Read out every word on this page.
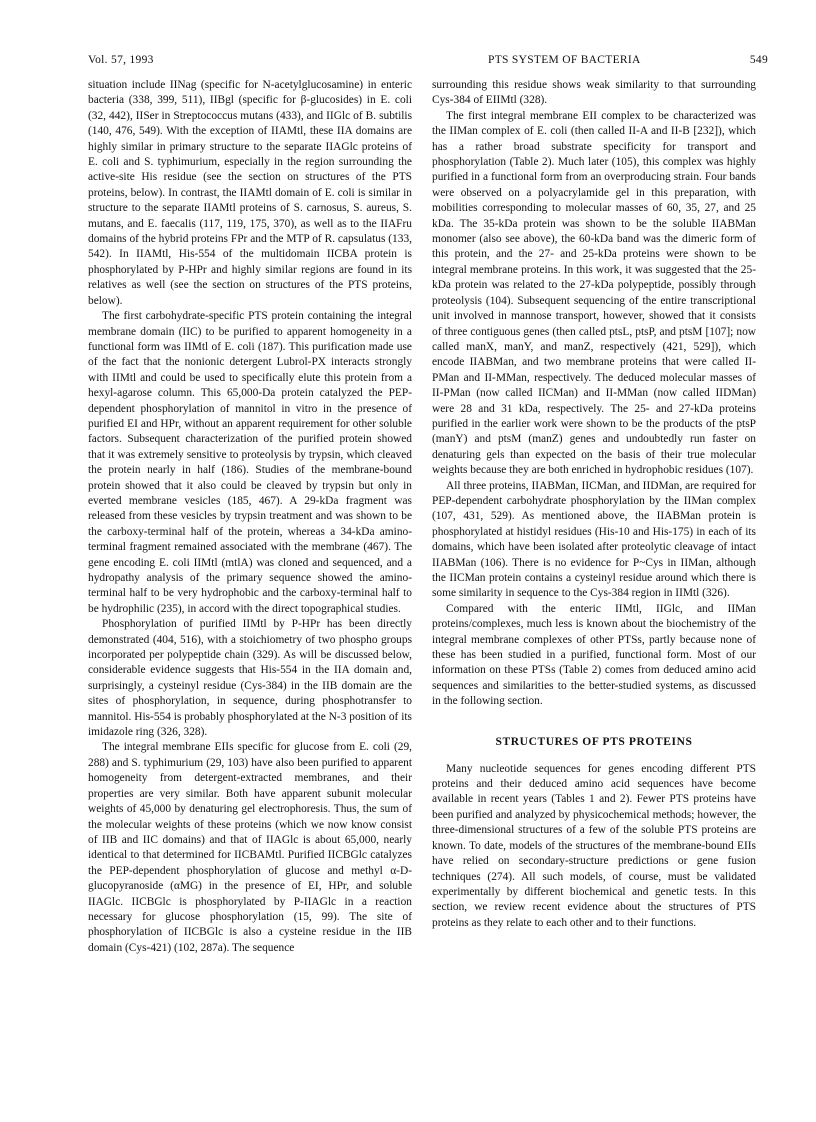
Vol. 57, 1993	PTS SYSTEM OF BACTERIA	549

situation include IINag (specific for N-acetylglucosamine) in enteric bacteria (338, 399, 511), IIBgl (specific for β-glucosides) in E. coli (32, 442), IISer in Streptococcus mutans (433), and IIGlc of B. subtilis (140, 476, 549). With the exception of IIAMtl, these IIA domains are highly similar in primary structure to the separate IIAGlc proteins of E. coli and S. typhimurium, especially in the region surrounding the active-site His residue (see the section on structures of the PTS proteins, below). In contrast, the IIAMtl domain of E. coli is similar in structure to the separate IIAMtl proteins of S. carnosus, S. aureus, S. mutans, and E. faecalis (117, 119, 175, 370), as well as to the IIAFru domains of the hybrid proteins FPr and the MTP of R. capsulatus (133, 542). In IIAMtl, His-554 of the multidomain IICBA protein is phosphorylated by P-HPr and highly similar regions are found in its relatives as well (see the section on structures of the PTS proteins, below).

The first carbohydrate-specific PTS protein containing the integral membrane domain (IIC) to be purified to apparent homogeneity in a functional form was IIMtl of E. coli (187). This purification made use of the fact that the nonionic detergent Lubrol-PX interacts strongly with IIMtl and could be used to specifically elute this protein from a hexyl-agarose column. This 65,000-Da protein catalyzed the PEP-dependent phosphorylation of mannitol in vitro in the presence of purified EI and HPr, without an apparent requirement for other soluble factors. Subsequent characterization of the purified protein showed that it was extremely sensitive to proteolysis by trypsin, which cleaved the protein nearly in half (186). Studies of the membrane-bound protein showed that it also could be cleaved by trypsin but only in everted membrane vesicles (185, 467). A 29-kDa fragment was released from these vesicles by trypsin treatment and was shown to be the carboxy-terminal half of the protein, whereas a 34-kDa amino-terminal fragment remained associated with the membrane (467). The gene encoding E. coli IIMtl (mtlA) was cloned and sequenced, and a hydropathy analysis of the primary sequence showed the amino-terminal half to be very hydrophobic and the carboxy-terminal half to be hydrophilic (235), in accord with the direct topographical studies.

Phosphorylation of purified IIMtl by P-HPr has been directly demonstrated (404, 516), with a stoichiometry of two phospho groups incorporated per polypeptide chain (329). As will be discussed below, considerable evidence suggests that His-554 in the IIA domain and, surprisingly, a cysteinyl residue (Cys-384) in the IIB domain are the sites of phosphorylation, in sequence, during phosphotransfer to mannitol. His-554 is probably phosphorylated at the N-3 position of its imidazole ring (326, 328).

The integral membrane EIIs specific for glucose from E. coli (29, 288) and S. typhimurium (29, 103) have also been purified to apparent homogeneity from detergent-extracted membranes, and their properties are very similar. Both have apparent subunit molecular weights of 45,000 by denaturing gel electrophoresis. Thus, the sum of the molecular weights of these proteins (which we now know consist of IIB and IIC domains) and that of IIAGlc is about 65,000, nearly identical to that determined for IICBAMtl. Purified IICBGlc catalyzes the PEP-dependent phosphorylation of glucose and methyl α-D-glucopyranoside (αMG) in the presence of EI, HPr, and soluble IIAGlc. IICBGlc is phosphorylated by P-IIAGlc in a reaction necessary for glucose phosphorylation (15, 99). The site of phosphorylation of IICBGlc is also a cysteine residue in the IIB domain (Cys-421) (102, 287a). The sequence

surrounding this residue shows weak similarity to that surrounding Cys-384 of EIIMtl (328).

The first integral membrane EII complex to be characterized was the IIMan complex of E. coli (then called II-A and II-B [232]), which has a rather broad substrate specificity for transport and phosphorylation (Table 2). Much later (105), this complex was highly purified in a functional form from an overproducing strain. Four bands were observed on a polyacrylamide gel in this preparation, with mobilities corresponding to molecular masses of 60, 35, 27, and 25 kDa. The 35-kDa protein was shown to be the soluble IIABMan monomer (also see above), the 60-kDa band was the dimeric form of this protein, and the 27- and 25-kDa proteins were shown to be integral membrane proteins. In this work, it was suggested that the 25-kDa protein was related to the 27-kDa polypeptide, possibly through proteolysis (104). Subsequent sequencing of the entire transcriptional unit involved in mannose transport, however, showed that it consists of three contiguous genes (then called ptsL, ptsP, and ptsM [107]; now called manX, manY, and manZ, respectively (421, 529]), which encode IIABMan, and two membrane proteins that were called II-PMan and II-MMan, respectively. The deduced molecular masses of II-PMan (now called IICMan) and II-MMan (now called IIDMan) were 28 and 31 kDa, respectively. The 25- and 27-kDa proteins purified in the earlier work were shown to be the products of the ptsP (manY) and ptsM (manZ) genes and undoubtedly run faster on denaturing gels than expected on the basis of their true molecular weights because they are both enriched in hydrophobic residues (107).

All three proteins, IIABMan, IICMan, and IIDMan, are required for PEP-dependent carbohydrate phosphorylation by the IIMan complex (107, 431, 529). As mentioned above, the IIABMan protein is phosphorylated at histidyl residues (His-10 and His-175) in each of its domains, which have been isolated after proteolytic cleavage of intact IIABMan (106). There is no evidence for P~Cys in IIMan, although the IICMan protein contains a cysteinyl residue around which there is some similarity in sequence to the Cys-384 region in IIMtl (326).

Compared with the enteric IIMtl, IIGlc, and IIMan proteins/complexes, much less is known about the biochemistry of the integral membrane complexes of other PTSs, partly because none of these has been studied in a purified, functional form. Most of our information on these PTSs (Table 2) comes from deduced amino acid sequences and similarities to the better-studied systems, as discussed in the following section.

STRUCTURES OF PTS PROTEINS

Many nucleotide sequences for genes encoding different PTS proteins and their deduced amino acid sequences have become available in recent years (Tables 1 and 2). Fewer PTS proteins have been purified and analyzed by physicochemical methods; however, the three-dimensional structures of a few of the soluble PTS proteins are known. To date, models of the structures of the membrane-bound EIIs have relied on secondary-structure predictions or gene fusion techniques (274). All such models, of course, must be validated experimentally by different biochemical and genetic tests. In this section, we review recent evidence about the structures of PTS proteins as they relate to each other and to their functions.
